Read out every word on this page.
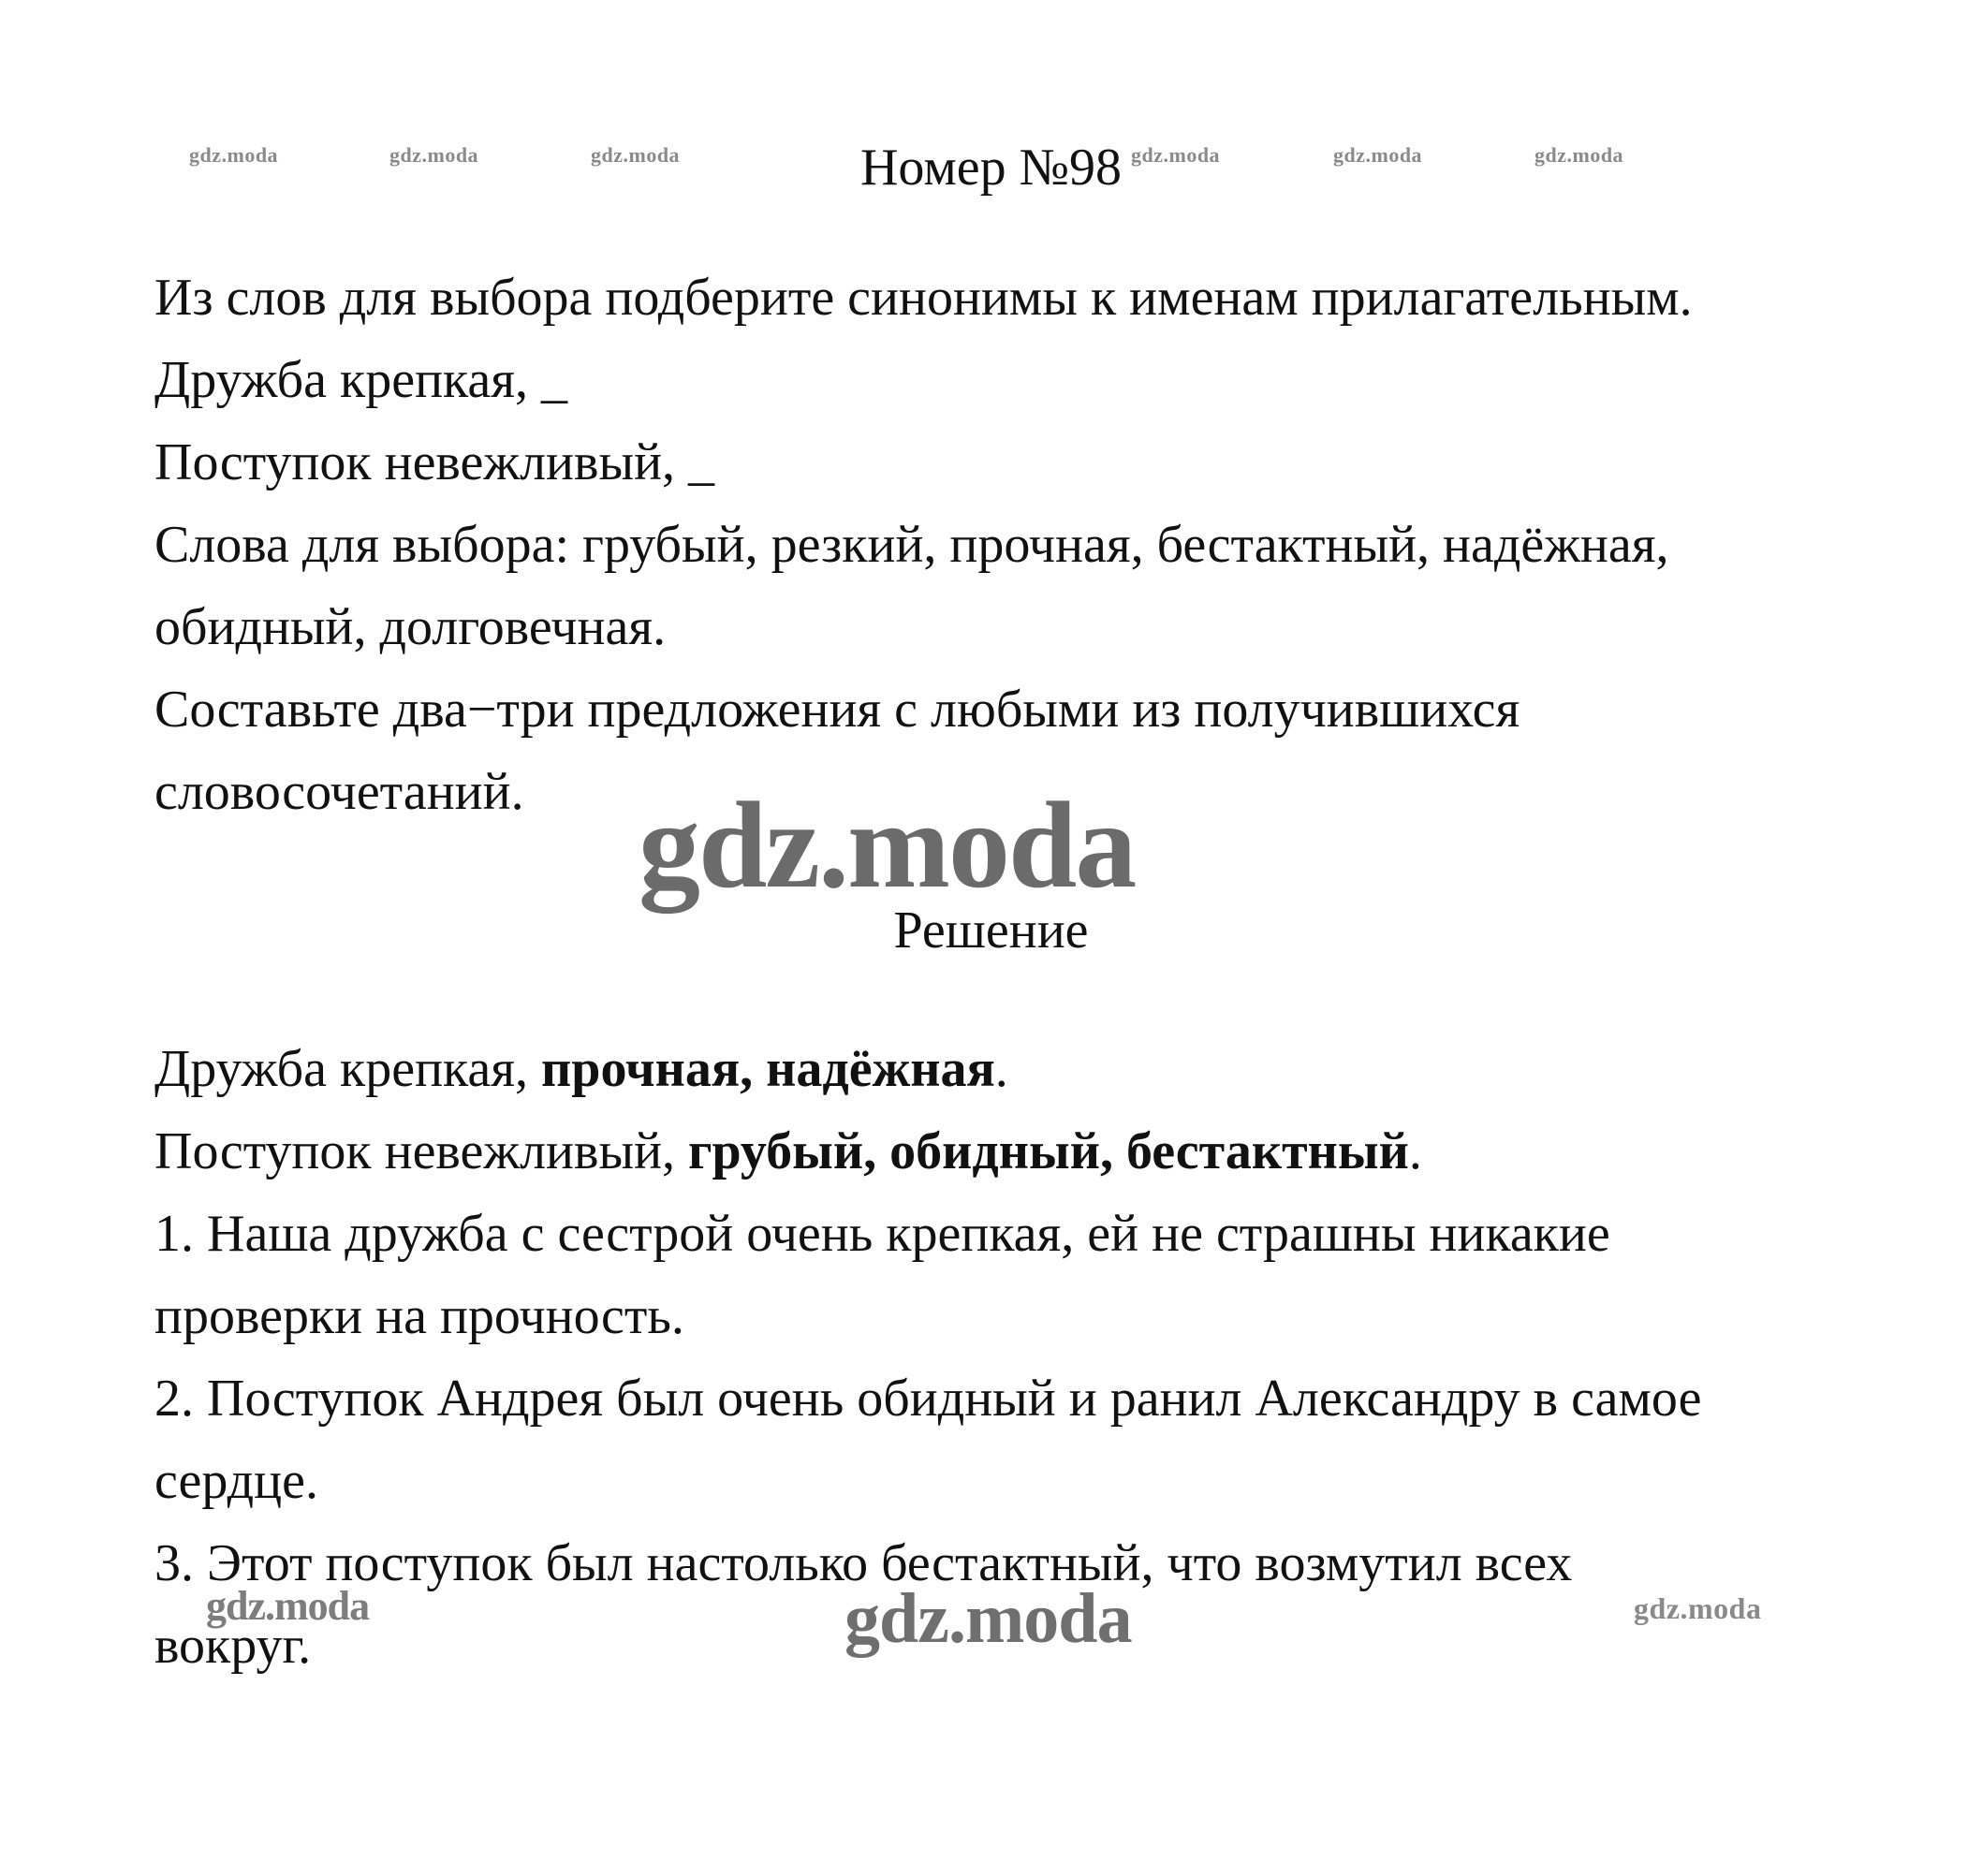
gdz.moda	gdz.moda	gdz.moda	gdz.moda	gdz.moda	gdz.moda
Номер №98
Из слов для выбора подберите синонимы к именам прилагательным.
Дружба крепкая, _
Поступок невежливый, _
Слова для выбора: грубый, резкий, прочная, бестактный, надёжная,
обидный, долговечная.
Составьте два−три предложения с любыми из получившихся
словосочетаний. gdz.moda
Решение
Дружба крепкая, прочная, надёжная.
Поступок невежливый, грубый, обидный, бестактный.
1. Наша дружба с сестрой очень крепкая, ей не страшны никакие
проверки на прочность.
2. Поступок Андрея был очень обидный и ранил Александру в самое
сердце.
3. Этот поступок был настолько бестактный, что возмутил всех
gdz.moda	gdz.moda	gdz.moda
вокруг.
